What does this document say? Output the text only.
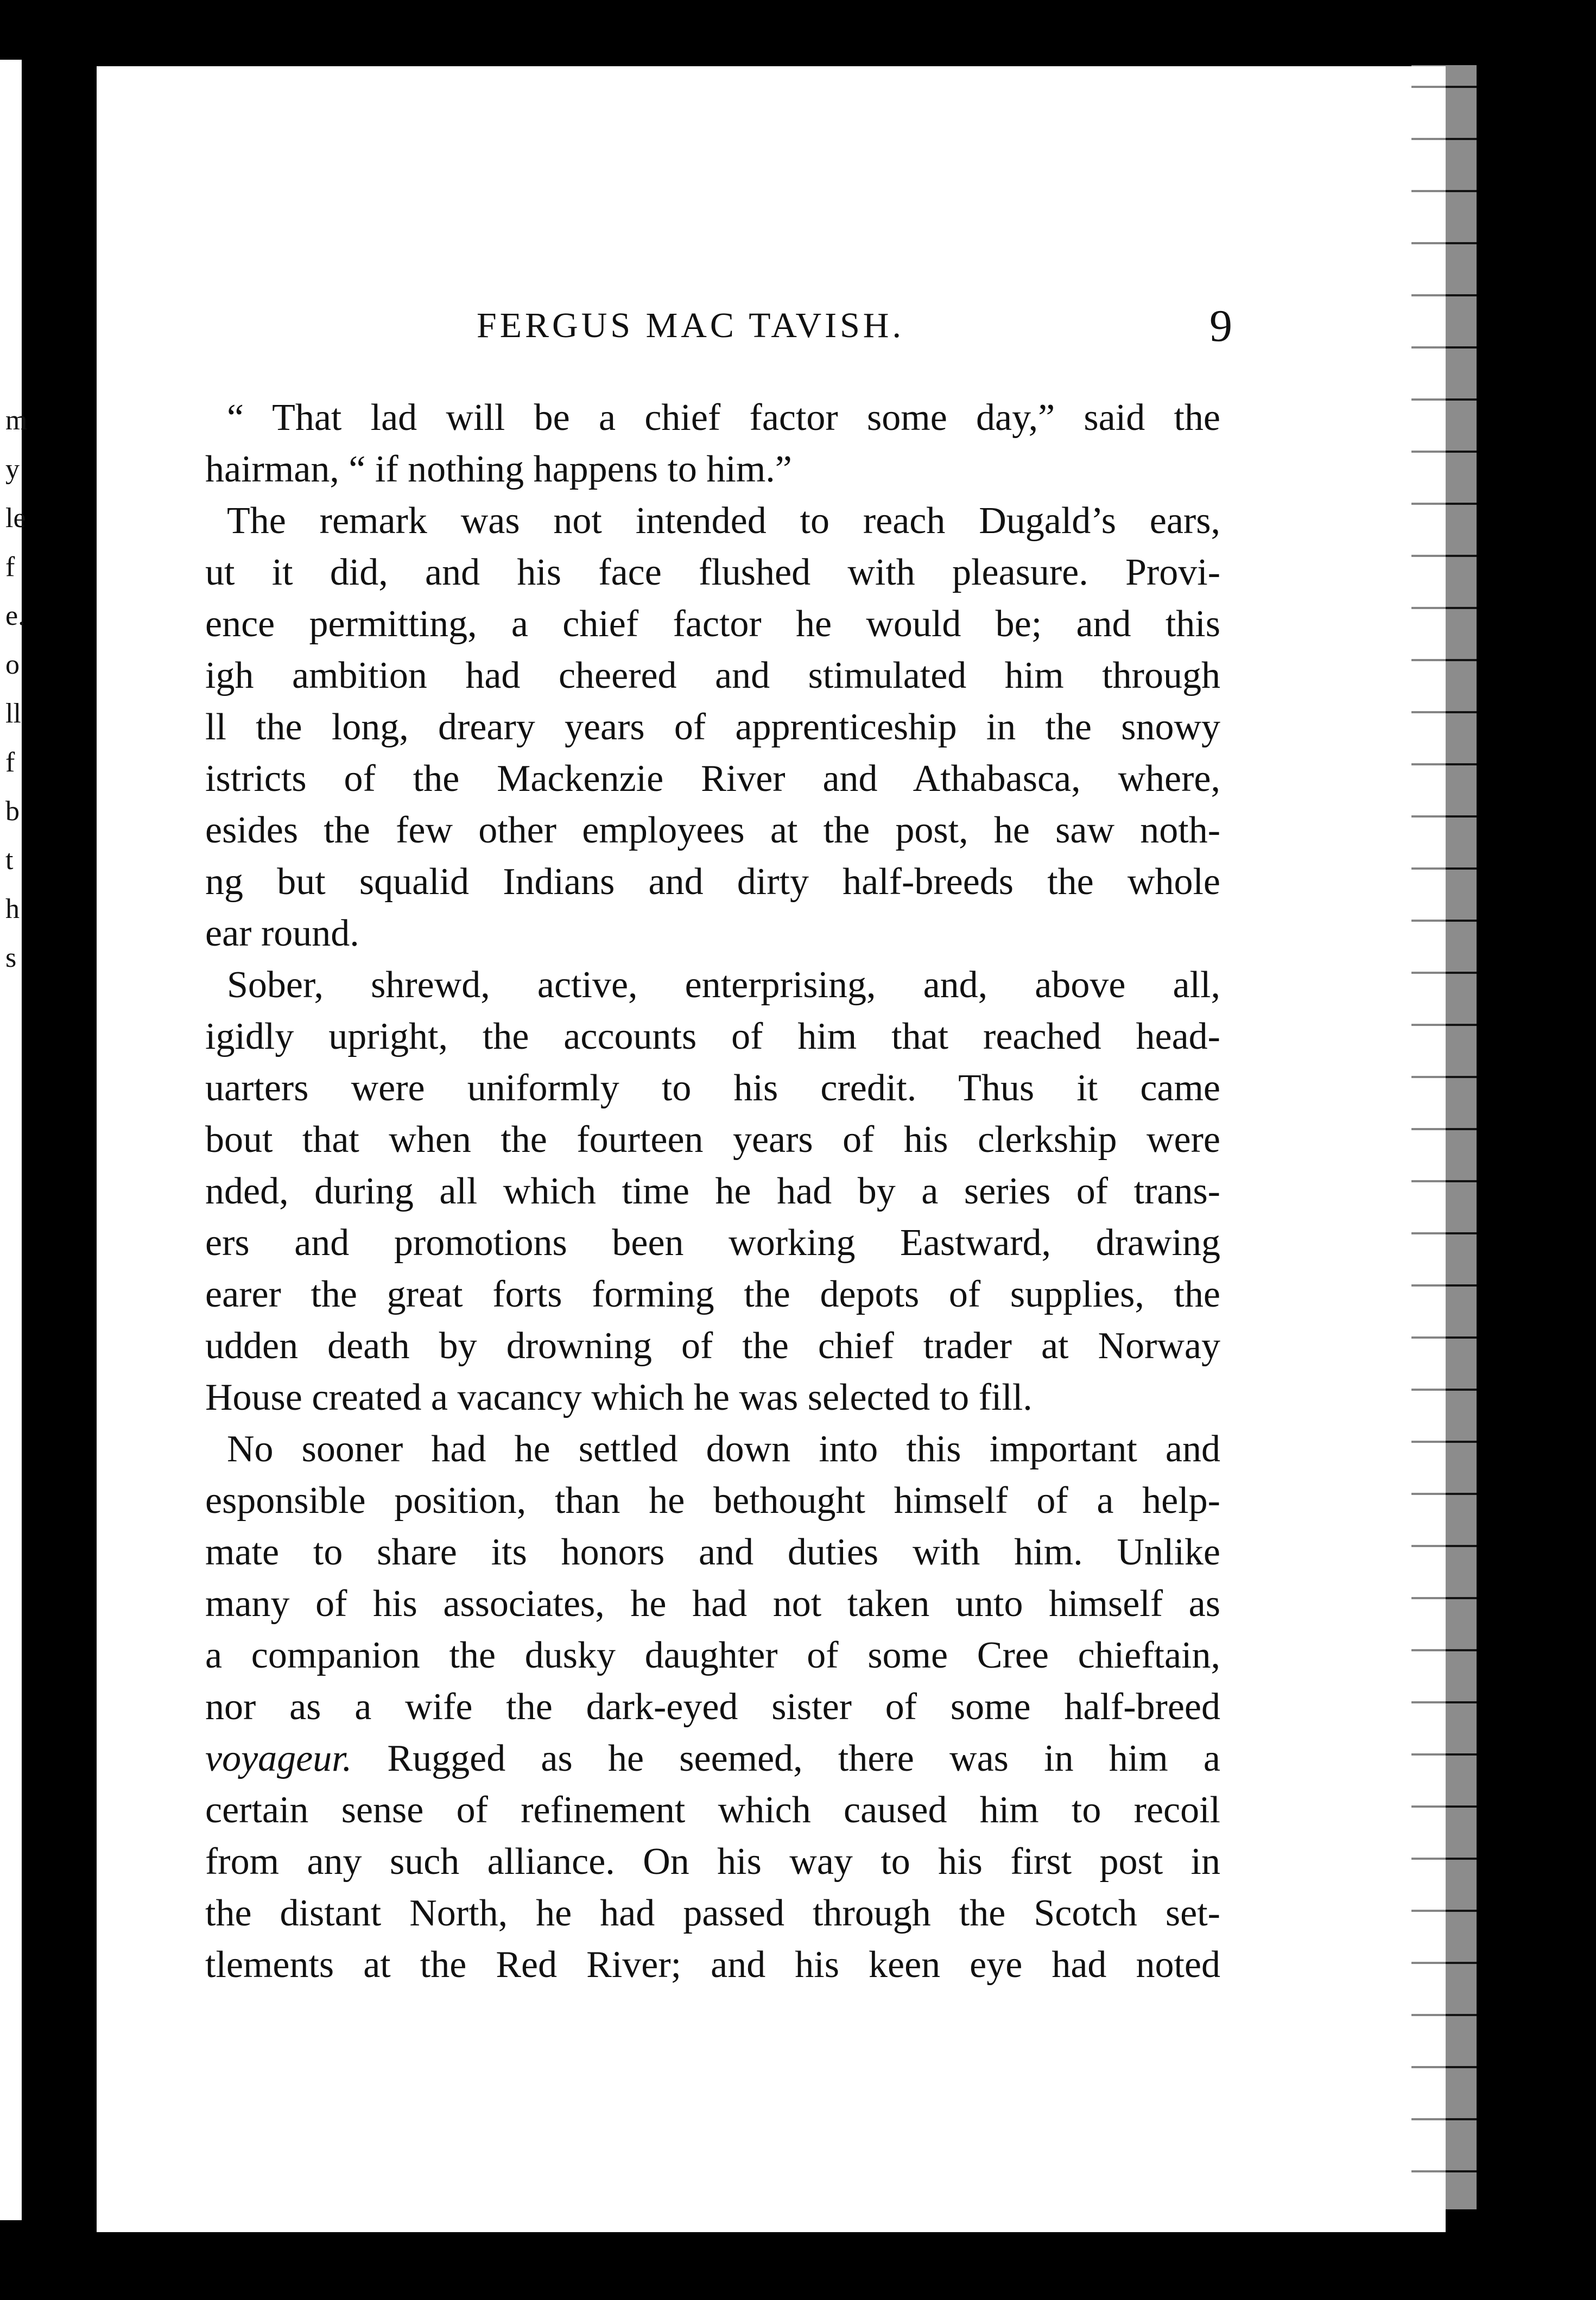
m
y
le
f
e.
o
ll
f
b
t
h
s
FERGUS MAC TAVISH.	9
“ That lad will be a chief factor some day,” said the
hairman, “ if nothing happens to him.”
The remark was not intended to reach Dugald’s ears,
ut it did, and his face flushed with pleasure. Provi-
ence permitting, a chief factor he would be; and this
igh ambition had cheered and stimulated him through
ll the long, dreary years of apprenticeship in the snowy
istricts of the Mackenzie River and Athabasca, where,
esides the few other employees at the post, he saw noth-
ng but squalid Indians and dirty half-breeds the whole
ear round.
Sober, shrewd, active, enterprising, and, above all,
igidly upright, the accounts of him that reached head-
uarters were uniformly to his credit. Thus it came
bout that when the fourteen years of his clerkship were
nded, during all which time he had by a series of trans-
ers and promotions been working Eastward, drawing
earer the great forts forming the depots of supplies, the
udden death by drowning of the chief trader at Norway
House created a vacancy which he was selected to fill.
No sooner had he settled down into this important and
esponsible position, than he bethought himself of a help-
mate to share its honors and duties with him. Unlike
many of his associates, he had not taken unto himself as
a companion the dusky daughter of some Cree chieftain,
nor as a wife the dark-eyed sister of some half-breed
voyageur. Rugged as he seemed, there was in him a
certain sense of refinement which caused him to recoil
from any such alliance. On his way to his first post in
the distant North, he had passed through the Scotch set-
tlements at the Red River; and his keen eye had noted
